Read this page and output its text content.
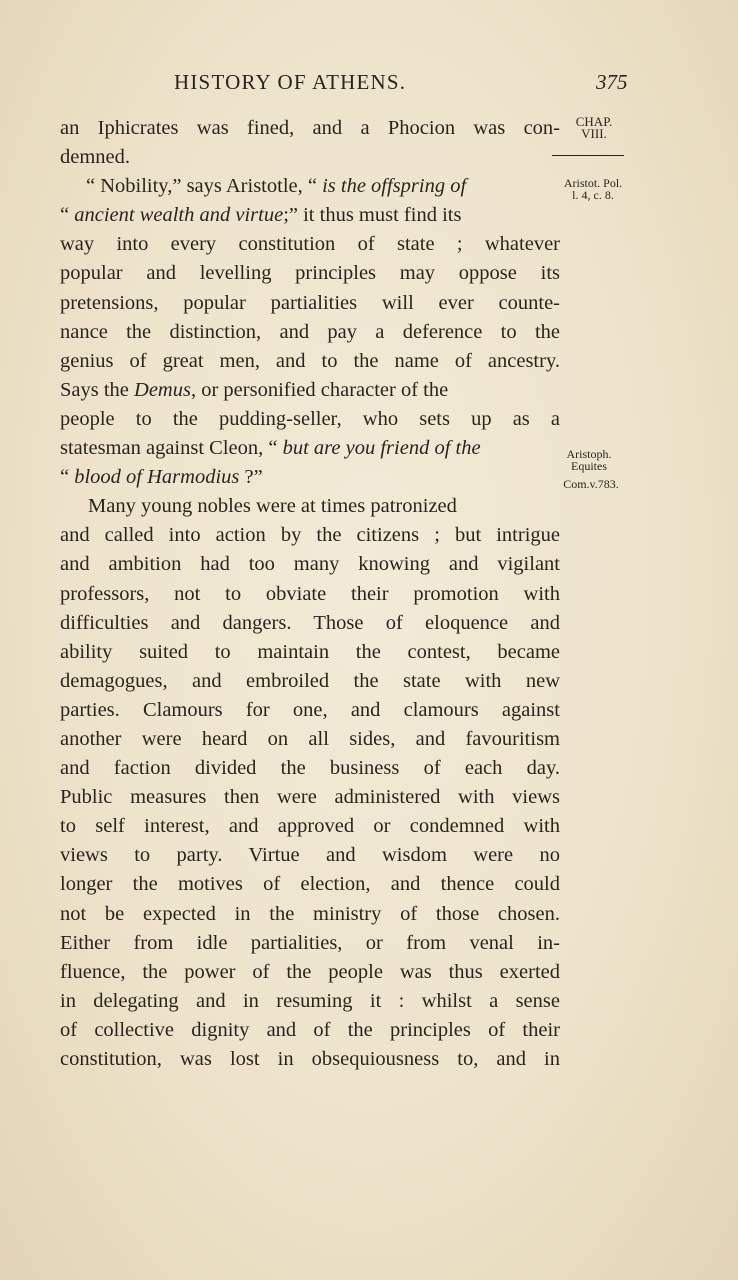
HISTORY OF ATHENS.	375
CHAP.
VIII.
Aristot. Pol.
l. 4, c. 8.
Aristoph.
Equites
Com.v.783.
an Iphicrates was fined, and a Phocion was con-
demned.
“ Nobility,” says Aristotle, “ is the offspring of
“ ancient wealth and virtue;” it thus must find its
way into every constitution of state ; whatever
popular and levelling principles may oppose its
pretensions, popular partialities will ever counte-
nance the distinction, and pay a deference to the
genius of great men, and to the name of ancestry.
Says the Demus, or personified character of the
people to the pudding-seller, who sets up as a
statesman against Cleon, “ but are you friend of the
“ blood of Harmodius ?”
Many young nobles were at times patronized
and called into action by the citizens ; but intrigue
and ambition had too many knowing and vigilant
professors, not to obviate their promotion with
difficulties and dangers. Those of eloquence and
ability suited to maintain the contest, became
demagogues, and embroiled the state with new
parties. Clamours for one, and clamours against
another were heard on all sides, and favouritism
and faction divided the business of each day.
Public measures then were administered with views
to self interest, and approved or condemned with
views to party. Virtue and wisdom were no
longer the motives of election, and thence could
not be expected in the ministry of those chosen.
Either from idle partialities, or from venal in-
fluence, the power of the people was thus exerted
in delegating and in resuming it : whilst a sense
of collective dignity and of the principles of their
constitution, was lost in obsequiousness to, and in
